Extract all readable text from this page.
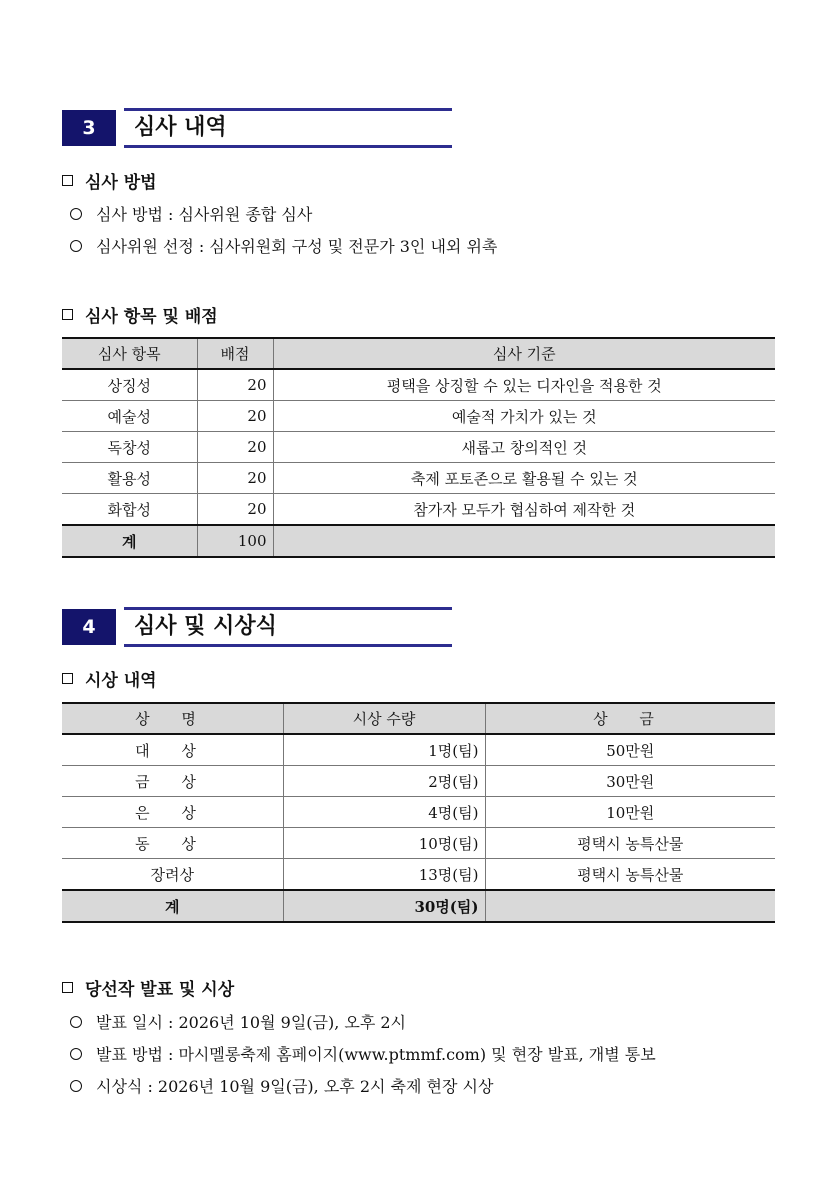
3	심사 내역
심사 방법
심사 방법 : 심사위원 종합 심사
심사위원 선정 : 심사위원회 구성 및 전문가 3인 내외 위촉
심사 항목 및 배점
심사 항목	배점	심사 기준
상징성	20	평택을 상징할 수 있는 디자인을 적용한 것
예술성	20	예술적 가치가 있는 것
독창성	20	새롭고 창의적인 것
활용성	20	축제 포토존으로 활용될 수 있는 것
화합성	20	참가자 모두가 협심하여 제작한 것
계	100	
4	심사 및 시상식
시상 내역
상 명	시상 수량	상 금
대 상	1명(팀)	50만원
금 상	2명(팀)	30만원
은 상	4명(팀)	10만원
동 상	10명(팀)	평택시 농특산물
장려상	13명(팀)	평택시 농특산물
계	30명(팀)	
당선작 발표 및 시상
발표 일시 : 2026년 10월 9일(금), 오후 2시
발표 방법 : 마시멜롱축제 홈페이지(www.ptmmf.com) 및 현장 발표, 개별 통보
시상식 : 2026년 10월 9일(금), 오후 2시 축제 현장 시상
